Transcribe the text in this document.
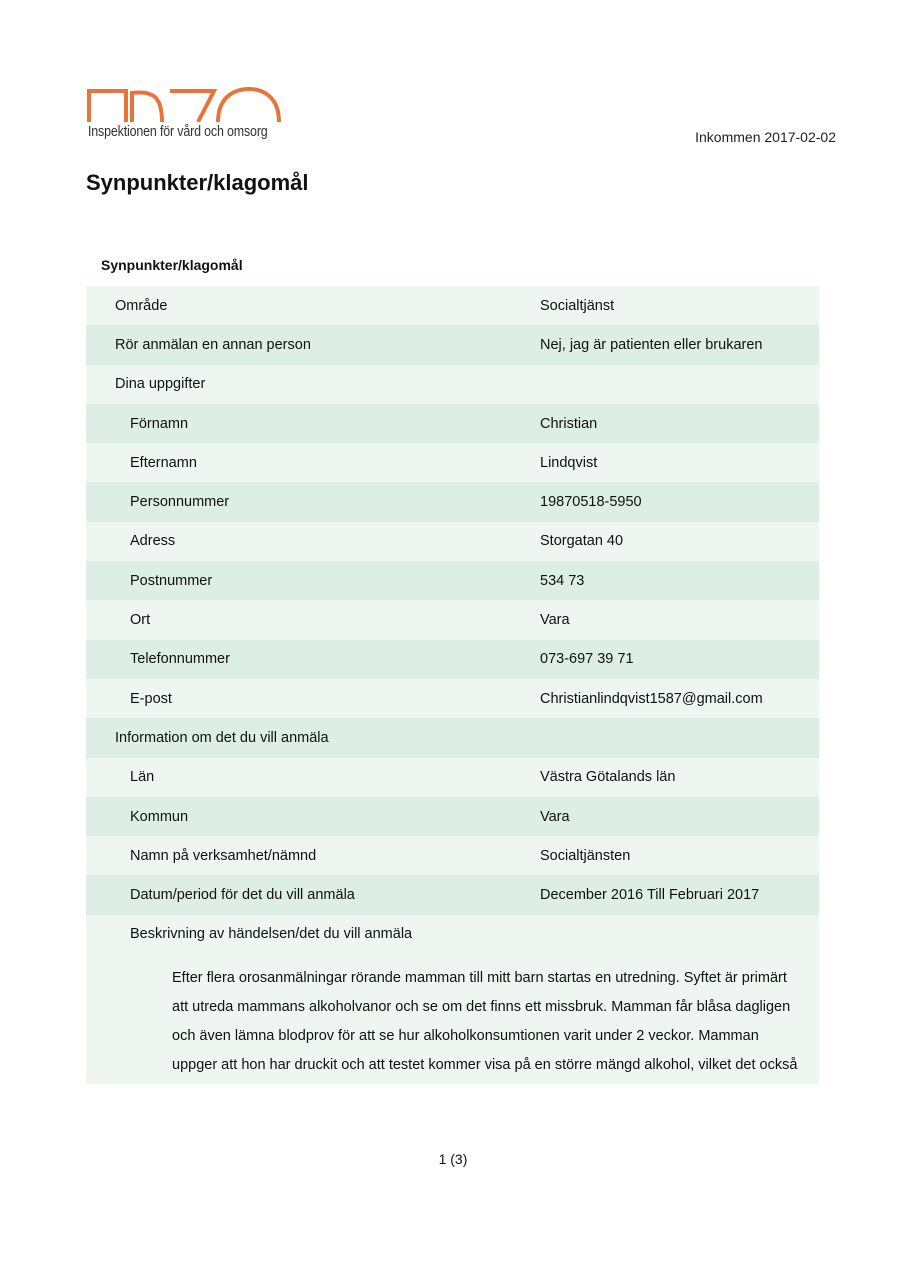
Inspektionen för vård och omsorg	Inkommen 2017-02-02
Synpunkter/klagomål
Synpunkter/klagomål
Område	Socialtjänst
Rör anmälan en annan person	Nej, jag är patienten eller brukaren
Dina uppgifter
Förnamn	Christian
Efternamn	Lindqvist
Personnummer	19870518-5950
Adress	Storgatan 40
Postnummer	534 73
Ort	Vara
Telefonnummer	073-697 39 71
E-post	Christianlindqvist1587@gmail.com
Information om det du vill anmäla
Län	Västra Götalands län
Kommun	Vara
Namn på verksamhet/nämnd	Socialtjänsten
Datum/period för det du vill anmäla	December 2016 Till Februari 2017
Beskrivning av händelsen/det du vill anmäla

Efter flera orosanmälningar rörande mamman till mitt barn startas en utredning. Syftet är primärt att utreda mammans alkoholvanor och se om det finns ett missbruk. Mamman får blåsa dagligen och även lämna blodprov för att se hur alkoholkonsumtionen varit under 2 veckor. Mamman uppger att hon har druckit och att testet kommer visa på en större mängd alkohol, vilket det också

1 (3)
